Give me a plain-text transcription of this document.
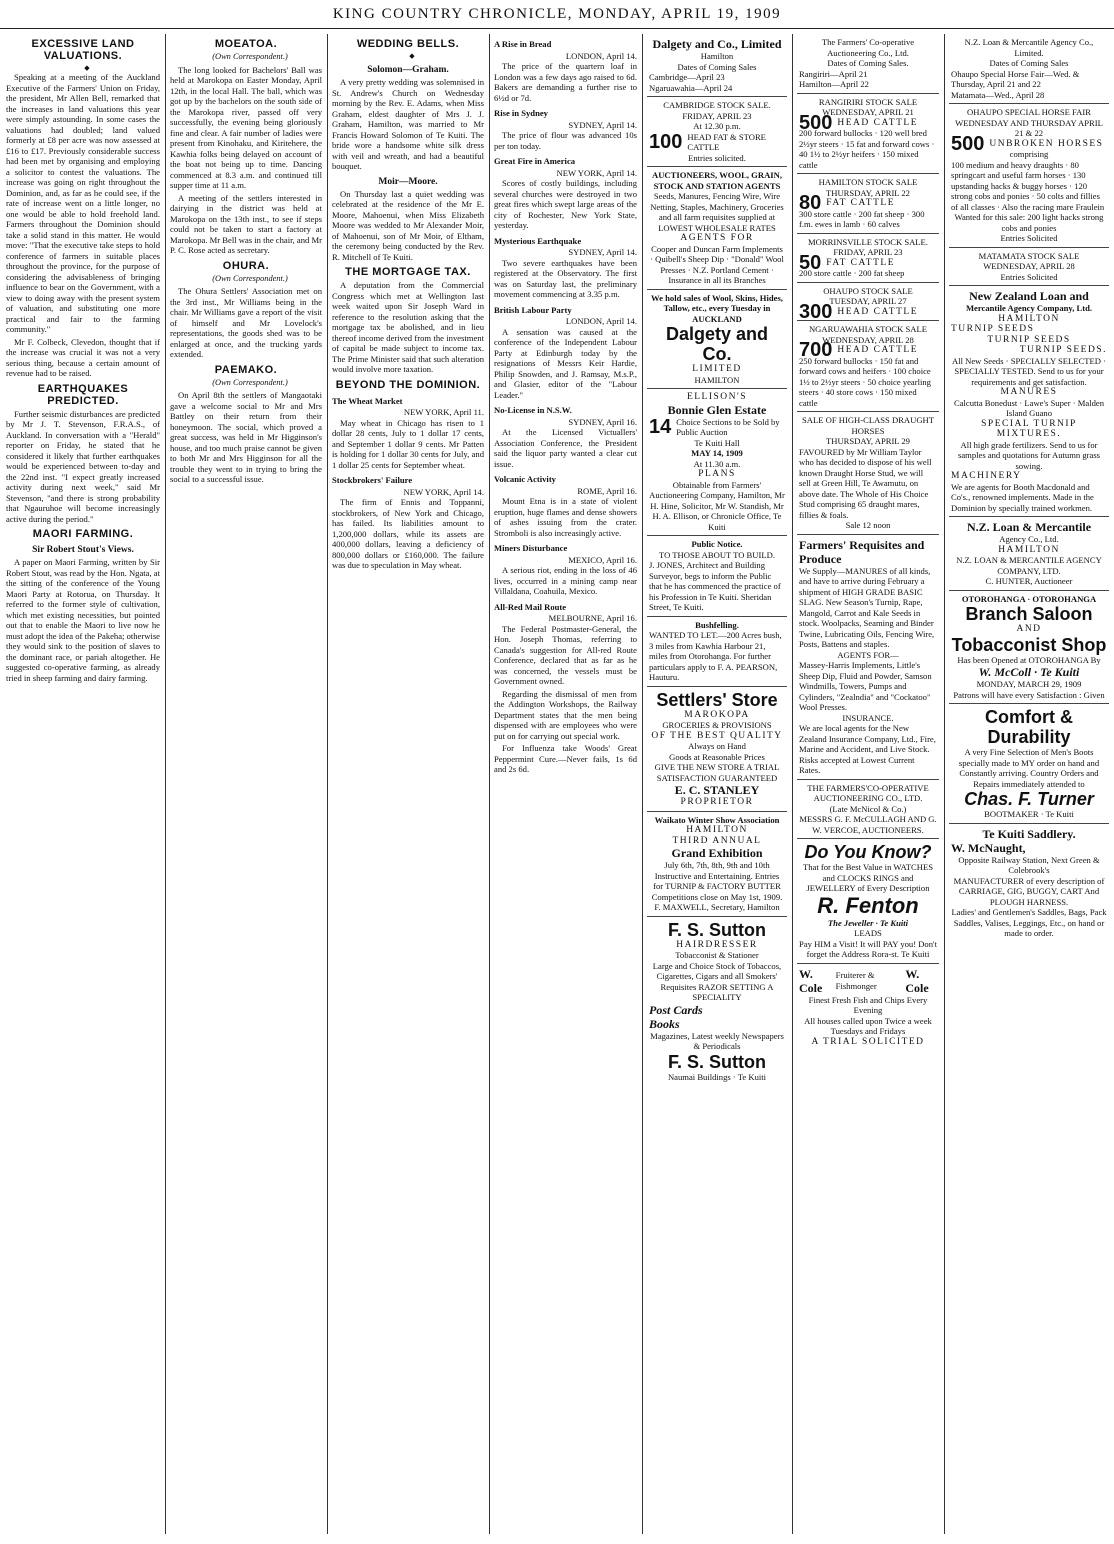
KING COUNTRY CHRONICLE, MONDAY, APRIL 19, 1909
EXCESSIVE LAND VALUATIONS.

◆

Speaking at a meeting of the Auckland Executive of the Farmers' Union on Friday, the president, Mr Allen Bell, remarked that the increases in land valuations this year were simply astounding. In some cases the valuations had doubled; land valued formerly at £8 per acre was now assessed at £16 to £17. Previously considerable success had been met by organising and employing a solicitor to contest the valuations. The increase was going on right throughout the Dominion, and, as far as he could see, if the rate of increase went on a little longer, no one would be able to hold freehold land. Farmers throughout the Dominion should take a solid stand in this matter. He would move: "That the executive take steps to hold conference of farmers in suitable places throughout the province, for the purpose of considering the advisableness of bringing influence to bear on the Government, with a view to doing away with the present system of valuation, and substituting one more practical and fair to the farming community."

Mr F. Colbeck, Clevedon, thought that if the increase was crucial it was not a very serious thing, because a certain amount of revenue had to be raised.

EARTHQUAKES PREDICTED.

Further seismic disturbances are predicted by Mr J. T. Stevenson, F.R.A.S., of Auckland. In conversation with a "Herald" reporter on Friday, he stated that he considered it likely that further earthquakes would be experienced between to-day and the 22nd inst. "I expect greatly increased activity during next week," said Mr Stevenson, "and there is strong probability that Ngauruhoe will become increasingly active during the period."

MAORI FARMING.
Sir Robert Stout's Views.

A paper on Maori Farming, written by Sir Robert Stout, was read by the Hon. Ngata, at the sitting of the conference of the Young Maori Party at Rotorua, on Thursday. It referred to the former style of cultivation, which met existing necessities, but pointed out that to enable the Maori to live now he must adopt the idea of the Pakeha; otherwise they would sink to the position of slaves to the dominant race, or pariah altogether. He suggested co-operative farming, as already tried in sheep farming and dairy farming.

MOEATOA.

(Own Correspondent.)

The long looked for Bachelors' Ball was held at Marokopa on Easter Monday, April 12th, in the local Hall. The ball, which was got up by the bachelors on the south side of the Marokopa river, passed off very successfully, the evening being gloriously fine and clear. A fair number of ladies were present from Kinohaku, and Kiritehere, the Kawhia folks being delayed on account of the boat not being up to time. Dancing commenced at 8.3 a.m. and continued till supper time at 11 a.m.

A meeting of the settlers interested in dairying in the district was held at Marokopa on the 13th inst., to see if steps could not be taken to start a factory at Marokopa. Mr Bell was in the chair, and Mr P. C. Rose acted as secretary.

OHURA.

(Own Correspondent.)

The Ohura Settlers' Association met on the 3rd inst., Mr Williams being in the chair. Mr Williams gave a report of the visit of himself and Mr Lovelock's representations, the goods shed was to be enlarged at once, and the trucking yards extended.

PAEMAKO.

(Own Correspondent.)

On April 8th the settlers of Mangaotaki gave a welcome social to Mr and Mrs Battley on their return from their honeymoon. The social, which proved a great success, was held in Mr Higginson's house, and too much praise cannot be given to both Mr and Mrs Higginson for all the trouble they went to in trying to bring the social to a successful issue.

WEDDING BELLS.

◆

Solomon—Graham.

A very pretty wedding was solemnised in St. Andrew's Church on Wednesday morning by the Rev. E. Adams, when Miss Graham, eldest daughter of Mrs J. J. Graham, Hamilton, was married to Mr Francis Howard Solomon of Te Kuiti. The bride wore a handsome white silk dress with veil and wreath, and had a beautiful bouquet.

Moir—Moore.

On Thursday last a quiet wedding was celebrated at the residence of the Mr E. Moore, Mahoenui, when Miss Elizabeth Moore was wedded to Mr Alexander Moir, of Mahoenui, son of Mr Moir, of Eltham, the ceremony being conducted by the Rev. R. Mitchell of Te Kuiti.

THE MORTGAGE TAX.

A deputation from the Commercial Congress which met at Wellington last week waited upon Sir Joseph Ward in reference to the resolution asking that the mortgage tax be abolished, and in lieu thereof income derived from the investment of capital be made subject to income tax. The Prime Minister said that such alteration would involve more taxation.

BEYOND THE DOMINION.
The Wheat Market

NEW YORK, April 11.

May wheat in Chicago has risen to 1 dollar 28 cents, July to 1 dollar 17 cents, and September 1 dollar 9 cents. Mr Patten is holding for 1 dollar 30 cents for July, and 1 dollar 25 cents for September wheat.

Stockbrokers' Failure

NEW YORK, April 14.

The firm of Ennis and Toppanni, stockbrokers, of New York and Chicago, has failed. Its liabilities amount to 1,200,000 dollars, while its assets are 400,000 dollars, leaving a deficiency of 800,000 dollars or £160,000. The failure was due to speculation in May wheat.

A Rise in Bread

LONDON, April 14.

The price of the quartern loaf in London was a few days ago raised to 6d. Bakers are demanding a further rise to 6½d or 7d.

Rise in Sydney

SYDNEY, April 14.

The price of flour was advanced 10s per ton today.

Great Fire in America

NEW YORK, April 14.

Scores of costly buildings, including several churches were destroyed in two great fires which swept large areas of the city of Rochester, New York State, yesterday.

Mysterious Earthquake

SYDNEY, April 14.

Two severe earthquakes have been registered at the Observatory. The first was on Saturday last, the preliminary movement commencing at 3.35 p.m.

British Labour Party

LONDON, April 14.

A sensation was caused at the conference of the Independent Labour Party at Edinburgh today by the resignations of Messrs Keir Hardie, Philip Snowden, and J. Ramsay, M.s.P., and Glasier, editor of the "Labour Leader."

No-License in N.S.W.

SYDNEY, April 16.

At the Licensed Victuallers' Association Conference, the President said the liquor party wanted a clear cut issue.

Volcanic Activity

ROME, April 16.

Mount Etna is in a state of violent eruption, huge flames and dense showers of ashes issuing from the crater. Stromboli is also increasingly active.

Miners Disturbance

MEXICO, April 16.

A serious riot, ending in the loss of 46 lives, occurred in a mining camp near Villaldana, Coahuila, Mexico.

All-Red Mail Route

MELBOURNE, April 16.

The Federal Postmaster-General, the Hon. Joseph Thomas, referring to Canada's suggestion for All-red Route Conference, declared that as far as he was concerned, the vessels must be Government owned.

Regarding the dismissal of men from the Addington Workshops, the Railway Department states that the men being dispensed with are employees who were put on for carrying out special work.

For Influenza take Woods' Great Peppermint Cure.—Never fails, 1s 6d and 2s 6d.

Dalgety and Co., Limited
Hamilton
Dates of Coming Sales
Cambridge—April 23
Ngaruawahia—April 24
CAMBRIDGE STOCK SALE.
FRIDAY, APRIL 23
At 12.30 p.m.
100 HEAD FAT & STORE CATTLE
Entries solicited.
AUCTIONEERS, WOOL, GRAIN, STOCK AND STATION AGENTS
Seeds, Manures, Fencing Wire, Wire Netting, Staples, Machinery, Groceries and all farm requisites supplied at LOWEST WHOLESALE RATES
AGENTS FOR
Cooper and Duncan Farm Implements · Quibell's Sheep Dip · "Donald" Wool Presses · N.Z. Portland Cement · Insurance in all its Branches
We hold sales of Wool, Skins, Hides, Tallow, etc., every Tuesday in AUCKLAND
Dalgety and Co.
LIMITED
HAMILTON
ELLISON'S
Bonnie Glen Estate
14 Choice Sections to be Sold by Public Auction
Te Kuiti Hall
MAY 14, 1909
At 11.30 a.m.
PLANS
Obtainable from Farmers' Auctioneering Company, Hamilton, Mr H. Hine, Solicitor, Mr W. Standish, Mr H. A. Ellison, or Chronicle Office, Te Kuiti
Public Notice.
TO THOSE ABOUT TO BUILD.
J. JONES, Architect and Building Surveyor, begs to inform the Public that he has commenced the practice of his Profession in Te Kuiti. Sheridan Street, Te Kuiti.
Bushfelling.
WANTED TO LET.—200 Acres bush, 3 miles from Kawhia Harbour 21, miles from Otorohanga. For further particulars apply to F. A. PEARSON, Hauturu.
Settlers' Store
MAROKOPA
GROCERIES & PROVISIONS
OF THE BEST QUALITY
Always on Hand
Goods at Reasonable Prices
GIVE THE NEW STORE A TRIAL SATISFACTION GUARANTEED
E. C. STANLEY
PROPRIETOR
Waikato Winter Show Association
HAMILTON
THIRD ANNUAL
Grand Exhibition
July 6th, 7th, 8th, 9th and 10th
Instructive and Entertaining. Entries for TURNIP & FACTORY BUTTER Competitions close on May 1st, 1909.
F. MAXWELL, Secretary, Hamilton
F. S. Sutton
HAIRDRESSER
Tobacconist & Stationer
Large and Choice Stock of Tobaccos, Cigarettes, Cigars and all Smokers' Requisites RAZOR SETTING A SPECIALITY
Post Cards
Books
Magazines, Latest weekly Newspapers & Periodicals
F. S. Sutton
Naumai Buildings · Te Kuiti
The Farmers' Co-operative Auctioneering Co., Ltd.
Dates of Coming Sales.
Rangiriri—April 21
Hamilton—April 22
RANGIRIRI STOCK SALE
WEDNESDAY, APRIL 21
500 HEAD CATTLE
200 forward bullocks · 120 well bred 2½yr steers · 15 fat and forward cows · 40 1½ to 2½yr heifers · 150 mixed cattle
HAMILTON STOCK SALE
THURSDAY, APRIL 22
80 FAT CATTLE
300 store cattle · 200 fat sheep · 300 f.m. ewes in lamb · 60 calves
MORRINSVILLE STOCK SALE.
FRIDAY, APRIL 23
50 FAT CATTLE
200 store cattle · 200 fat sheep
OHAUPO STOCK SALE
TUESDAY, APRIL 27
300 HEAD CATTLE
NGARUAWAHIA STOCK SALE
WEDNESDAY, APRIL 28
700 HEAD CATTLE
250 forward bullocks · 150 fat and forward cows and heifers · 100 choice 1½ to 2½yr steers · 50 choice yearling steers · 40 store cows · 150 mixed cattle
SALE OF HIGH-CLASS DRAUGHT HORSES
THURSDAY, APRIL 29
FAVOURED by Mr William Taylor who has decided to dispose of his well known Draught Horse Stud, we will sell at Green Hill, Te Awamutu, on above date. The Whole of His Choice Stud comprising 65 draught mares, fillies & foals.
Sale 12 noon
Farmers' Requisites and Produce
We Supply—MANURES of all kinds, and have to arrive during February a shipment of HIGH GRADE BASIC SLAG. New Season's Turnip, Rape, Mangold, Carrot and Kale Seeds in stock. Woolpacks, Seaming and Binder Twine, Lubricating Oils, Fencing Wire, Posts, Battens and staples.
AGENTS FOR—
Massey-Harris Implements, Little's Sheep Dip, Fluid and Powder, Samson Windmills, Towers, Pumps and Cylinders, "Zealndia" and "Cockatoo" Wool Presses.
INSURANCE.
We are local agents for the New Zealand Insurance Company, Ltd., Fire, Marine and Accident, and Live Stock. Risks accepted at Lowest Current Rates.
THE FARMERS'CO-OPERATIVE AUCTIONEERING CO., LTD.
(Late McNicol & Co.)
MESSRS G. F. McCULLAGH AND G. W. VERCOE, AUCTIONEERS.
Do You Know?
That for the Best Value in WATCHES and CLOCKS RINGS and JEWELLERY of Every Description
R. Fenton
The Jeweller · Te Kuiti
LEADS
Pay HIM a Visit! It will PAY you! Don't forget the Address Rora-st. Te Kuiti
W. Cole
Fruiterer & Fishmonger
W. Cole
Finest Fresh Fish and Chips Every Evening
All houses called upon Twice a week Tuesdays and Fridays
A TRIAL SOLICITED
N.Z. Loan & Mercantile Agency Co., Limited.
Dates of Coming Sales
Ohaupo Special Horse Fair—Wed. & Thursday, April 21 and 22
Matamata—Wed., April 28
OHAUPO SPECIAL HORSE FAIR
WEDNESDAY AND THURSDAY APRIL 21 & 22
500 UNBROKEN HORSES
comprising
100 medium and heavy draughts · 80 springcart and useful farm horses · 130 upstanding hacks & buggy horses · 120 strong cobs and ponies · 50 colts and fillies of all classes · Also the racing mare Fraulein
Wanted for this sale: 200 light hacks strong cobs and ponies
Entries Solicited
MATAMATA STOCK SALE
WEDNESDAY, APRIL 28
Entries Solicited
New Zealand Loan and
Mercantile Agency Company, Ltd.
HAMILTON
TURNIP SEEDS
TURNIP SEEDS
TURNIP SEEDS.
All New Seeds · SPECIALLY SELECTED · SPECIALLY TESTED. Send to us for your requirements and get satisfaction.
MANURES
Calcutta Bonedust · Lawe's Super · Malden Island Guano
SPECIAL TURNIP MIXTURES.
All high grade fertilizers. Send to us for samples and quotations for Autumn grass sowing.
MACHINERY
We are agents for Booth Macdonald and Co's., renowned implements. Made in the Dominion by specially trained workmen.
N.Z. Loan & Mercantile
Agency Co., Ltd.
HAMILTON
N.Z. LOAN & MERCANTILE AGENCY COMPANY, LTD.
C. HUNTER, Auctioneer
OTOROHANGA · OTOROHANGA
Branch Saloon
AND
Tobacconist Shop
Has been Opened at OTOROHANGA By
W. McColl · Te Kuiti
MONDAY, MARCH 29, 1909
Patrons will have every Satisfaction : Given
Comfort & Durability
A very Fine Selection of Men's Boots specially made to MY order on hand and Constantly arriving. Country Orders and Repairs immediately attended to
Chas. F. Turner
BOOTMAKER · Te Kuiti
Te Kuiti Saddlery.
W. McNaught,
Opposite Railway Station, Next Green & Colebrook's
MANUFACTURER of every description of CARRIAGE, GIG, BUGGY, CART And PLOUGH HARNESS.
Ladies' and Gentlemen's Saddles, Bags, Pack Saddles, Valises, Leggings, Etc., on hand or made to order.
